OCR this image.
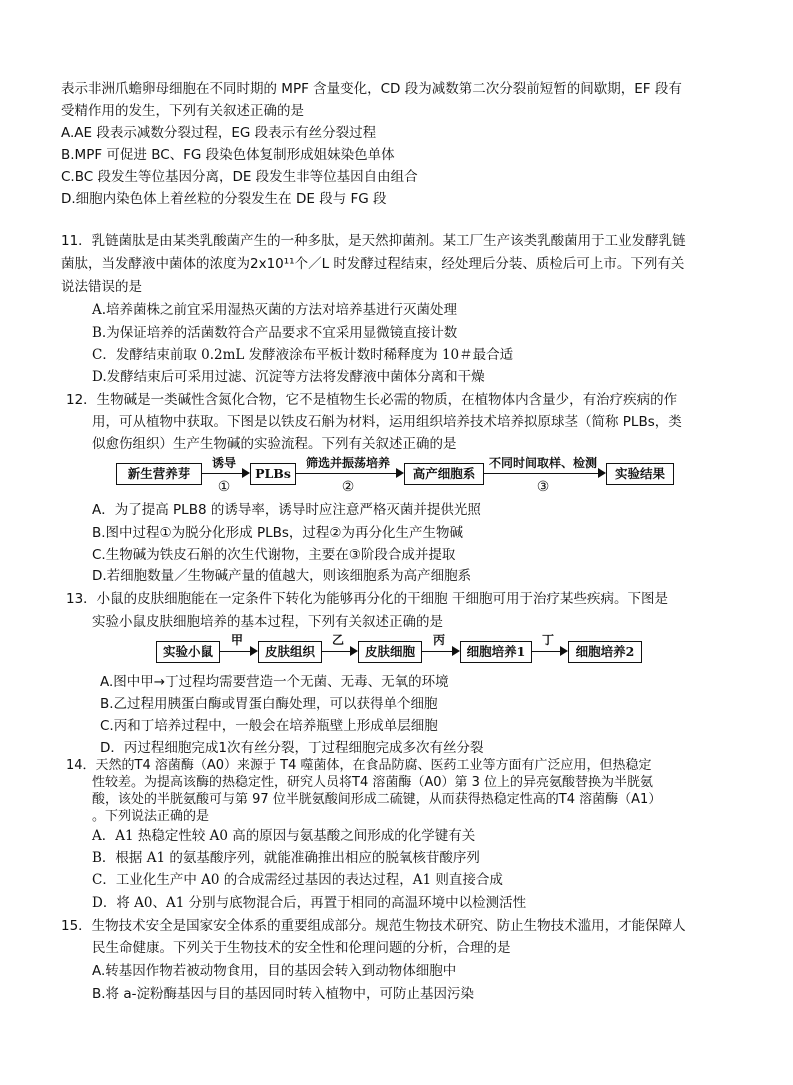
表示非洲爪蟾卵母细胞在不同时期的 MPF 含量变化，CD 段为减数第二次分裂前短暂的间歇期，EF 段有
受精作用的发生，下列有关叙述正确的是
A.AE 段表示减数分裂过程，EG 段表示有丝分裂过程
B.MPF 可促进 BC、FG 段染色体复制形成姐妹染色单体
C.BC 段发生等位基因分离，DE 段发生非等位基因自由组合
D.细胞内染色体上着丝粒的分裂发生在 DE 段与 FG 段
11．乳链菌肽是由某类乳酸菌产生的一种多肽，是天然抑菌剂。某工厂生产该类乳酸菌用于工业发酵乳链
菌肽，当发酵液中菌体的浓度为2x10¹¹个／L 时发酵过程结束，经处理后分装、质检后可上市。下列有关
说法错误的是
A.培养菌株之前宜采用湿热灭菌的方法对培养基进行灭菌处理
B.为保证培养的活菌数符合产品要求不宜采用显微镜直接计数
C．发酵结束前取 0.2mL 发酵液涂布平板计数时稀释度为 10＃最合适
D.发酵结束后可采用过滤、沉淀等方法将发酵液中菌体分离和干燥
12．生物碱是一类碱性含氮化合物，它不是植物生长必需的物质，在植物体内含量少，有治疗疾病的作
用，可从植物中获取。下图是以铁皮石斛为材料，运用组织培养技术培养拟原球茎（简称 PLBs，类
似愈伤组织）生产生物碱的实验流程。下列有关叙述正确的是
新生营养芽
诱导
①
PLBs
筛选并振荡培养
②
高产细胞系
不同时间取样、检测
③
实验结果
A．为了提高 PLB8 的诱导率，诱导时应注意严格灭菌并提供光照
B.图中过程①为脱分化形成 PLBs，过程②为再分化生产生物碱
C.生物碱为铁皮石斛的次生代谢物，主要在③阶段合成并提取
D.若细胞数量／生物碱产量的值越大，则该细胞系为高产细胞系
13．小鼠的皮肤细胞能在一定条件下转化为能够再分化的干细胞 干细胞可用于治疗某些疾病。下图是
实验小鼠皮肤细胞培养的基本过程，下列有关叙述正确的是
实验小鼠
甲
皮肤组织
乙
皮肤细胞
丙
细胞培养1
丁
细胞培养2
A.图中甲→丁过程均需要营造一个无菌、无毒、无氧的环境
B.乙过程用胰蛋白酶或胃蛋白酶处理，可以获得单个细胞
C.丙和丁培养过程中，一般会在培养瓶壁上形成单层细胞
D．丙过程细胞完成1次有丝分裂，丁过程细胞完成多次有丝分裂
14．天然的T4 溶菌酶（A0）来源于 T4 噬菌体，在食品防腐、医药工业等方面有广泛应用，但热稳定
性较差。为提高该酶的热稳定性，研究人员将T4 溶菌酶（A0）第 3 位上的异亮氨酸替换为半胱氨
酸，该处的半胱氨酸可与第 97 位半胱氨酸间形成二硫键，从而获得热稳定性高的T4 溶菌酶（A1）
。下列说法正确的是
A．A1 热稳定性较 A0 高的原因与氨基酸之间形成的化学键有关
B．根据 A1 的氨基酸序列，就能准确推出相应的脱氧核苷酸序列
C．工业化生产中 A0 的合成需经过基因的表达过程，A1 则直接合成
D．将 A0、A1 分别与底物混合后，再置于相同的高温环境中以检测活性
15．生物技术安全是国家安全体系的重要组成部分。规范生物技术研究、防止生物技术滥用，才能保障人
民生命健康。下列关于生物技术的安全性和伦理问题的分析，合理的是
A.转基因作物若被动物食用，目的基因会转入到动物体细胞中
B.将 a-淀粉酶基因与目的基因同时转入植物中，可防止基因污染
